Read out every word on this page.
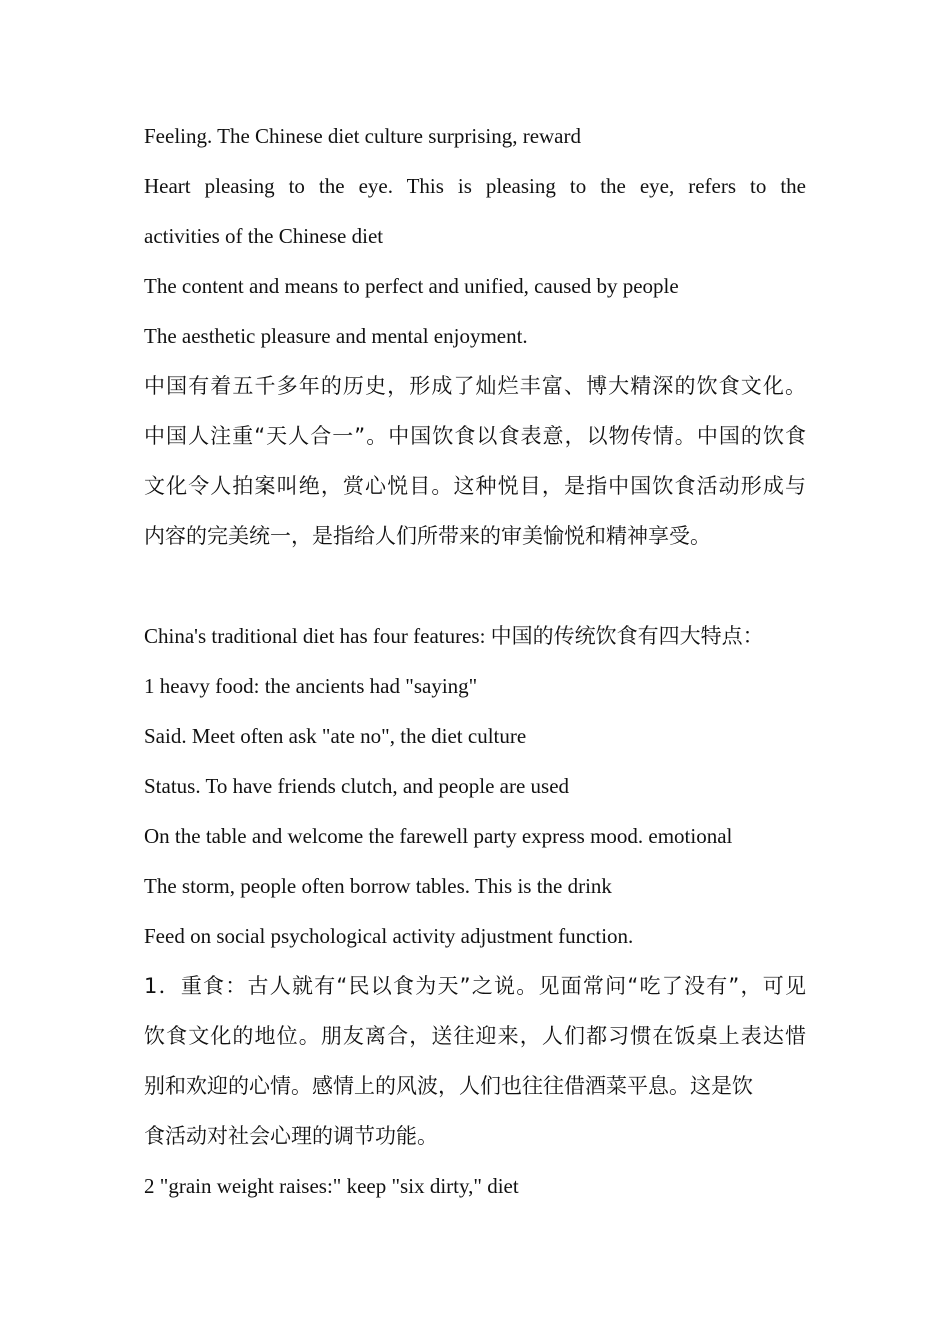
Feeling. The Chinese diet culture surprising, reward
Heart pleasing to the eye. This is pleasing to the eye, refers to the
activities of the Chinese diet
The content and means to perfect and unified, caused by people
The aesthetic pleasure and mental enjoyment.
中国有着五千多年的历史，形成了灿烂丰富、博大精深的饮食文化。
中国人注重“天人合一”。中国饮食以食表意，以物传情。中国的饮食
文化令人拍案叫绝，赏心悦目。这种悦目，是指中国饮食活动形成与
内容的完美统一，是指给人们所带来的审美愉悦和精神享受。
China's traditional diet has four features: 中国的传统饮食有四大特点：
1 heavy food: the ancients had "saying"
Said. Meet often ask "ate no", the diet culture
Status. To have friends clutch, and people are used
On the table and welcome the farewell party express mood. emotional
The storm, people often borrow tables. This is the drink
Feed on social psychological activity adjustment function.
1．重食：古人就有“民以食为天”之说。见面常问“吃了没有”，可见
饮食文化的地位。朋友离合，送往迎来，人们都习惯在饭桌上表达惜
别和欢迎的心情。感情上的风波，人们也往往借酒菜平息。这是饮
食活动对社会心理的调节功能。
2 "grain weight raises:" keep "six dirty," diet
